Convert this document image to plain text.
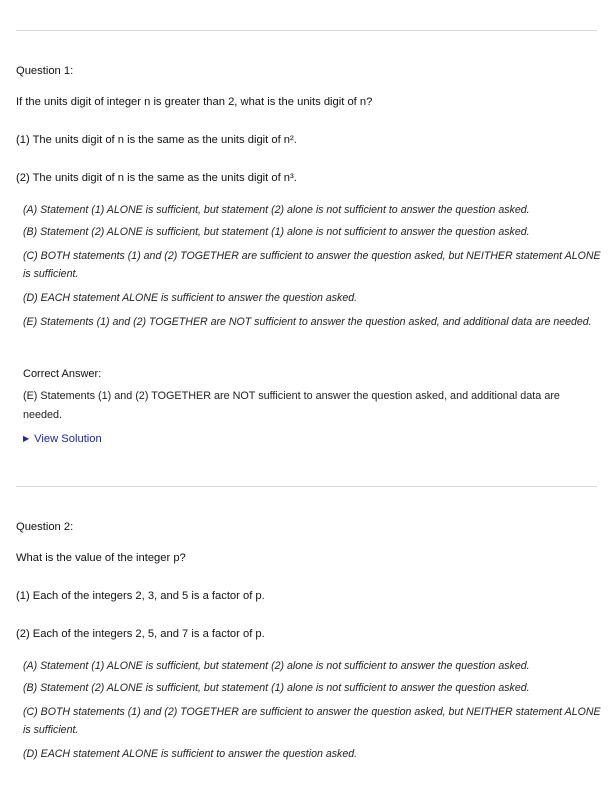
Question 1:
If the units digit of integer n is greater than 2, what is the units digit of n?
(1) The units digit of n is the same as the units digit of n².
(2) The units digit of n is the same as the units digit of n³.
(A) Statement (1) ALONE is sufficient, but statement (2) alone is not sufficient to answer the question asked.
(B) Statement (2) ALONE is sufficient, but statement (1) alone is not sufficient to answer the question asked.
(C) BOTH statements (1) and (2) TOGETHER are sufficient to answer the question asked, but NEITHER statement ALONE is sufficient.
(D) EACH statement ALONE is sufficient to answer the question asked.
(E) Statements (1) and (2) TOGETHER are NOT sufficient to answer the question asked, and additional data are needed.
Correct Answer:
(E) Statements (1) and (2) TOGETHER are NOT sufficient to answer the question asked, and additional data are needed.
▶ View Solution
Question 2:
What is the value of the integer p?
(1) Each of the integers 2, 3, and 5 is a factor of p.
(2) Each of the integers 2, 5, and 7 is a factor of p.
(A) Statement (1) ALONE is sufficient, but statement (2) alone is not sufficient to answer the question asked.
(B) Statement (2) ALONE is sufficient, but statement (1) alone is not sufficient to answer the question asked.
(C) BOTH statements (1) and (2) TOGETHER are sufficient to answer the question asked, but NEITHER statement ALONE is sufficient.
(D) EACH statement ALONE is sufficient to answer the question asked.
